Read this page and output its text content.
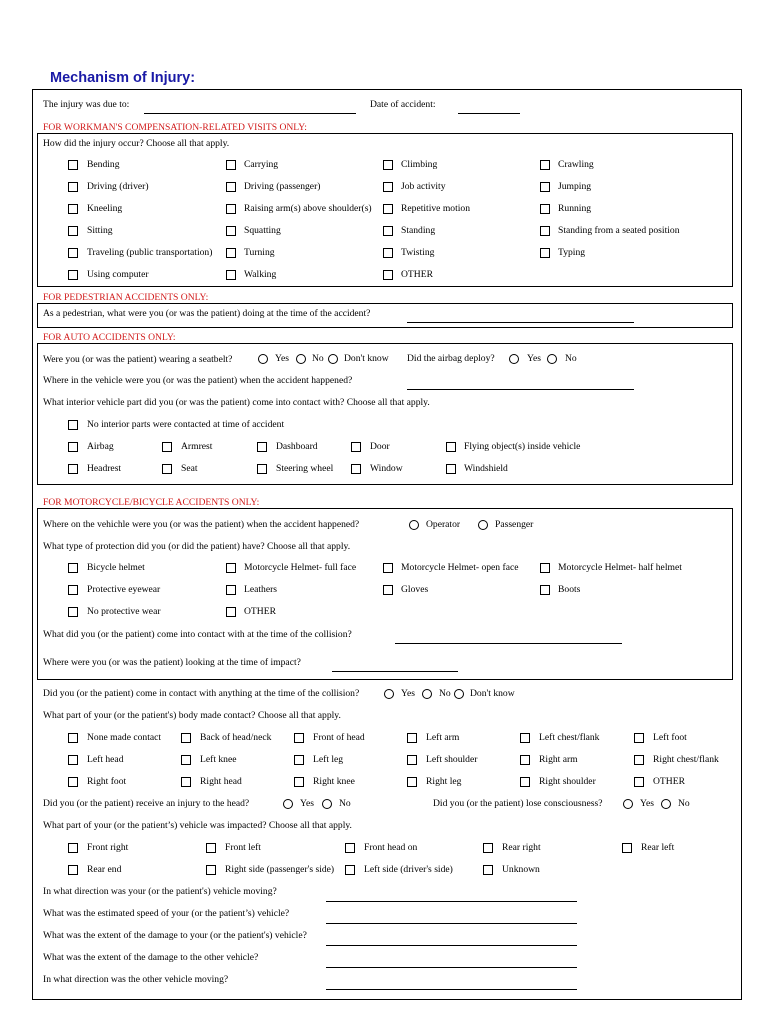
Mechanism of Injury:
The injury was due to:	Date of accident:
FOR WORKMAN'S COMPENSATION-RELATED VISITS ONLY:
How did the injury occur? Choose all that apply.
Bending	Carrying	Climbing	Crawling
Driving (driver)	Driving (passenger)	Job activity	Jumping
Kneeling	Raising arm(s) above shoulder(s)	Repetitive motion	Running
Sitting	Squatting	Standing	Standing from a seated position
Traveling (public transportation)	Turning	Twisting	Typing
Using computer	Walking	OTHER
FOR PEDESTRIAN ACCIDENTS ONLY:
As a pedestrian, what were you (or was the patient) doing at the time of the accident?
FOR AUTO ACCIDENTS ONLY:
Were you (or was the patient) wearing a seatbelt?	Yes No Don't know Did the airbag deploy?	Yes	No
Where in the vehicle were you (or was the patient) when the accident happened?
What interior vehicle part did you (or was the patient) come into contact with? Choose all that apply.
No interior parts were contacted at time of accident
Airbag	Armrest	Dashboard	Door	Flying object(s) inside vehicle
Headrest	Seat	Steering wheel	Window	Windshield
FOR MOTORCYCLE/BICYCLE ACCIDENTS ONLY:
Where on the vehichle were you (or was the patient) when the accident happened?	Operator	Passenger
What type of protection did you (or did the patient) have? Choose all that apply.
Bicycle helmet	Motorcycle Helmet- full face	Motorcycle Helmet- open face	Motorcycle Helmet- half helmet
Protective eyewear	Leathers	Gloves	Boots
No protective wear	OTHER
What did you (or the patient) come into contact with at the time of the collision?
Where were you (or was the patient) looking at the time of impact?
Did you (or the patient) come in contact with anything at the time of the collision?	Yes	No Don't know
What part of your (or the patient's) body made contact? Choose all that apply.
None made contact	Back of head/neck	Front of head	Left arm	Left chest/flank	Left foot
Left head	Left knee	Left leg	Left shoulder	Right arm	Right chest/flank
Right foot	Right head	Right knee	Right leg	Right shoulder	OTHER
Did you (or the patient) receive an injury to the head?	Yes	No	Did you (or the patient) lose consciousness?	Yes	No
What part of your (or the patient’s) vehicle was impacted? Choose all that apply.
Front right	Front left	Front head on	Rear right	Rear left
Rear end	Right side (passenger's side)	Left side (driver's side)	Unknown
In what direction was your (or the patient's) vehicle moving?
What was the estimated speed of your (or the patient’s) vehicle?
What was the extent of the damage to your (or the patient's) vehicle?
What was the extent of the damage to the other vehicle?
In what direction was the other vehicle moving?
